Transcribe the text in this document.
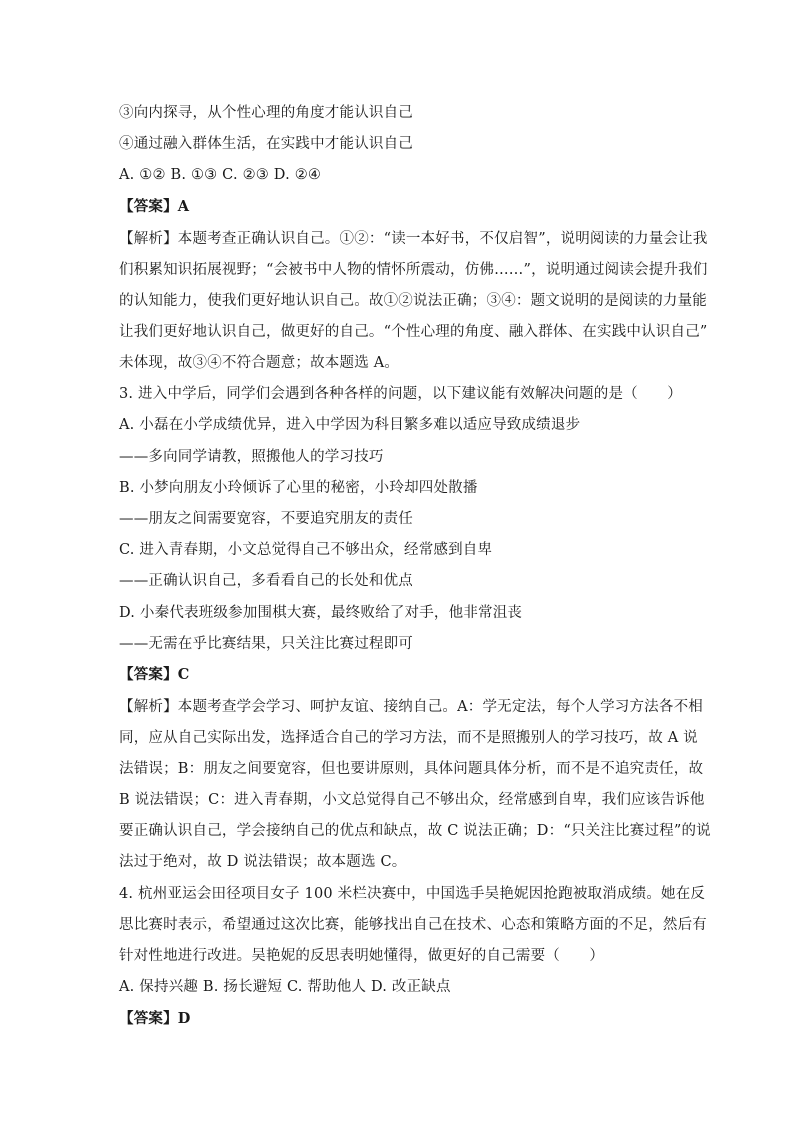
③向内探寻，从个性心理的角度才能认识自己
④通过融入群体生活，在实践中才能认识自己
A. ①② B. ①③ C. ②③ D. ②④
【答案】A
【解析】本题考查正确认识自己。①②：“读一本好书，不仅启智”，说明阅读的力量会让我
们积累知识拓展视野；“会被书中人物的情怀所震动，仿佛……”，说明通过阅读会提升我们
的认知能力，使我们更好地认识自己。故①②说法正确；③④：题文说明的是阅读的力量能
让我们更好地认识自己，做更好的自己。“个性心理的角度、融入群体、在实践中认识自己”
未体现，故③④不符合题意；故本题选 A。
3. 进入中学后，同学们会遇到各种各样的问题，以下建议能有效解决问题的是（　　）
A. 小磊在小学成绩优异，进入中学因为科目繁多难以适应导致成绩退步
——多向同学请教，照搬他人的学习技巧
B. 小梦向朋友小玲倾诉了心里的秘密，小玲却四处散播
——朋友之间需要宽容，不要追究朋友的责任
C. 进入青春期，小文总觉得自己不够出众，经常感到自卑
——正确认识自己，多看看自己的长处和优点
D. 小秦代表班级参加围棋大赛，最终败给了对手，他非常沮丧
——无需在乎比赛结果，只关注比赛过程即可
【答案】C
【解析】本题考查学会学习、呵护友谊、接纳自己。A：学无定法，每个人学习方法各不相
同，应从自己实际出发，选择适合自己的学习方法，而不是照搬别人的学习技巧，故 A 说
法错误；B：朋友之间要宽容，但也要讲原则，具体问题具体分析，而不是不追究责任，故
B 说法错误；C：进入青春期，小文总觉得自己不够出众，经常感到自卑，我们应该告诉他
要正确认识自己，学会接纳自己的优点和缺点，故 C 说法正确；D：“只关注比赛过程”的说
法过于绝对，故 D 说法错误；故本题选 C。
4. 杭州亚运会田径项目女子 100 米栏决赛中，中国选手吴艳妮因抢跑被取消成绩。她在反
思比赛时表示，希望通过这次比赛，能够找出自己在技术、心态和策略方面的不足，然后有
针对性地进行改进。吴艳妮的反思表明她懂得，做更好的自己需要（　　）
A. 保持兴趣 B. 扬长避短 C. 帮助他人 D. 改正缺点
【答案】D
